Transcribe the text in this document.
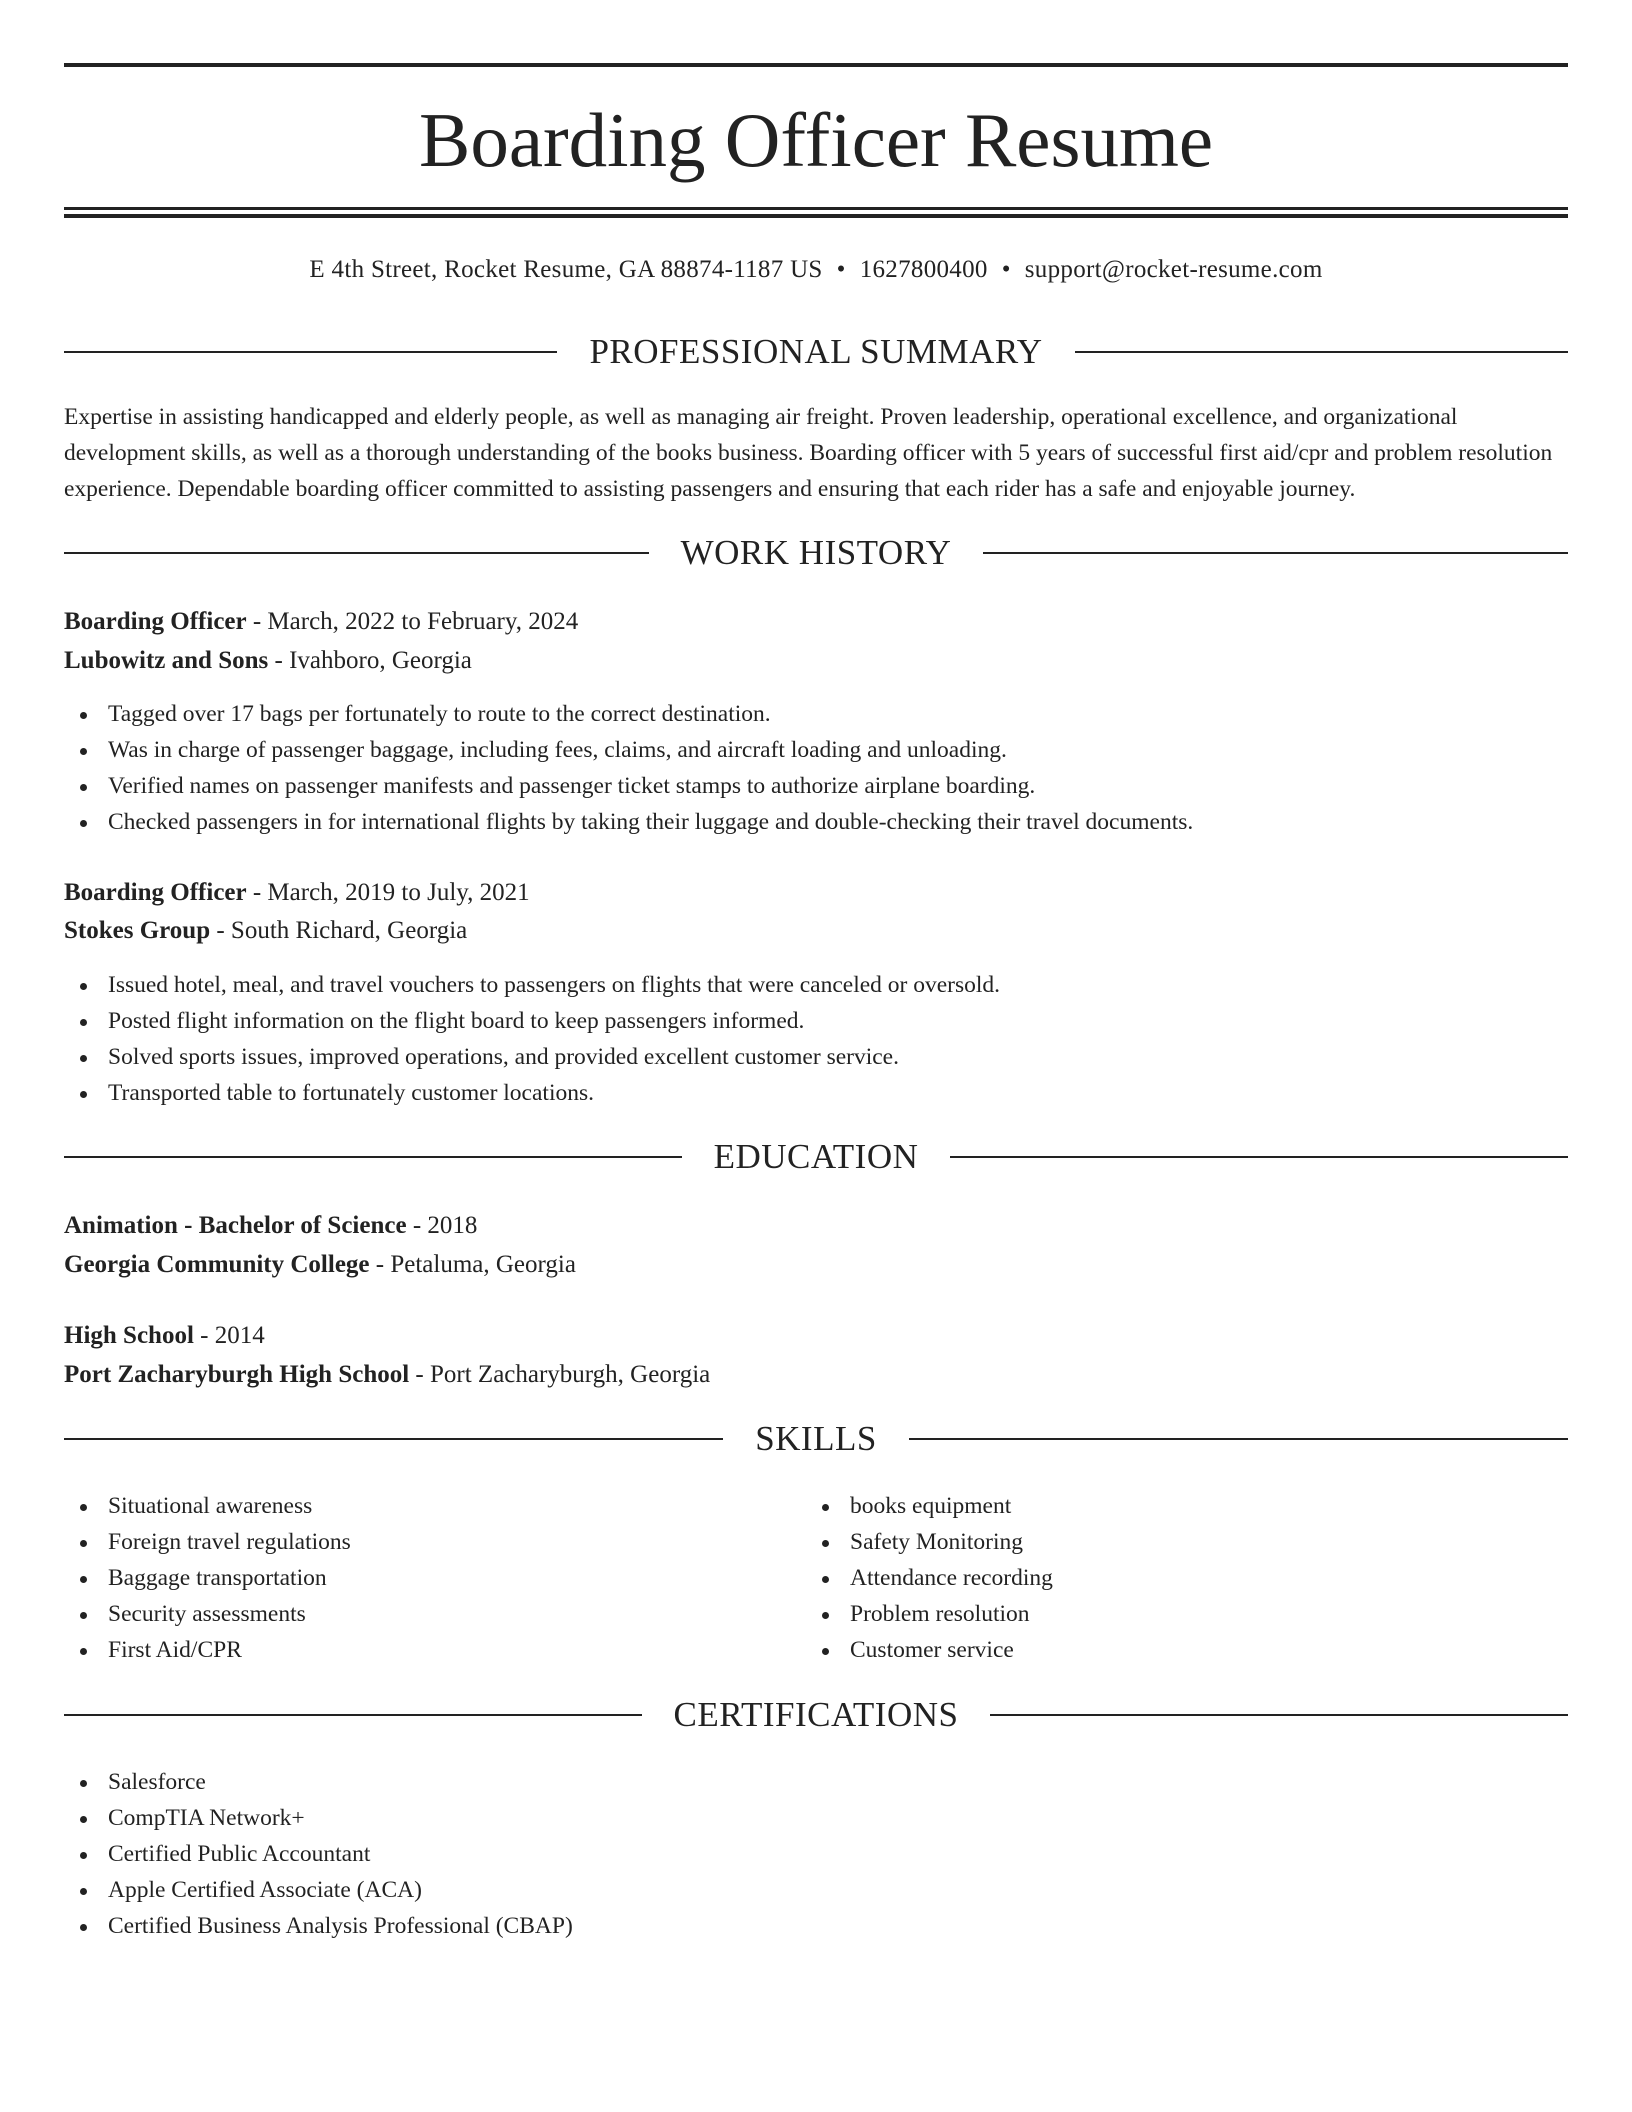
Boarding Officer Resume
E 4th Street, Rocket Resume, GA 88874-1187 US • 1627800400 • support@rocket-resume.com
PROFESSIONAL SUMMARY

Expertise in assisting handicapped and elderly people, as well as managing air freight. Proven leadership, operational excellence, and organizational development skills, as well as a thorough understanding of the books business. Boarding officer with 5 years of successful first aid/cpr and problem resolution experience. Dependable boarding officer committed to assisting passengers and ensuring that each rider has a safe and enjoyable journey.

WORK HISTORY
Boarding Officer - March, 2022 to February, 2024
Lubowitz and Sons - Ivahboro, Georgia
Tagged over 17 bags per fortunately to route to the correct destination.
Was in charge of passenger baggage, including fees, claims, and aircraft loading and unloading.
Verified names on passenger manifests and passenger ticket stamps to authorize airplane boarding.
Checked passengers in for international flights by taking their luggage and double-checking their travel documents.
Boarding Officer - March, 2019 to July, 2021
Stokes Group - South Richard, Georgia
Issued hotel, meal, and travel vouchers to passengers on flights that were canceled or oversold.
Posted flight information on the flight board to keep passengers informed.
Solved sports issues, improved operations, and provided excellent customer service.
Transported table to fortunately customer locations.
EDUCATION
Animation - Bachelor of Science - 2018
Georgia Community College - Petaluma, Georgia
High School - 2014
Port Zacharyburgh High School - Port Zacharyburgh, Georgia
SKILLS
Situational awareness
Foreign travel regulations
Baggage transportation
Security assessments
First Aid/CPR
books equipment
Safety Monitoring
Attendance recording
Problem resolution
Customer service
CERTIFICATIONS
Salesforce
CompTIA Network+
Certified Public Accountant
Apple Certified Associate (ACA)
Certified Business Analysis Professional (CBAP)
